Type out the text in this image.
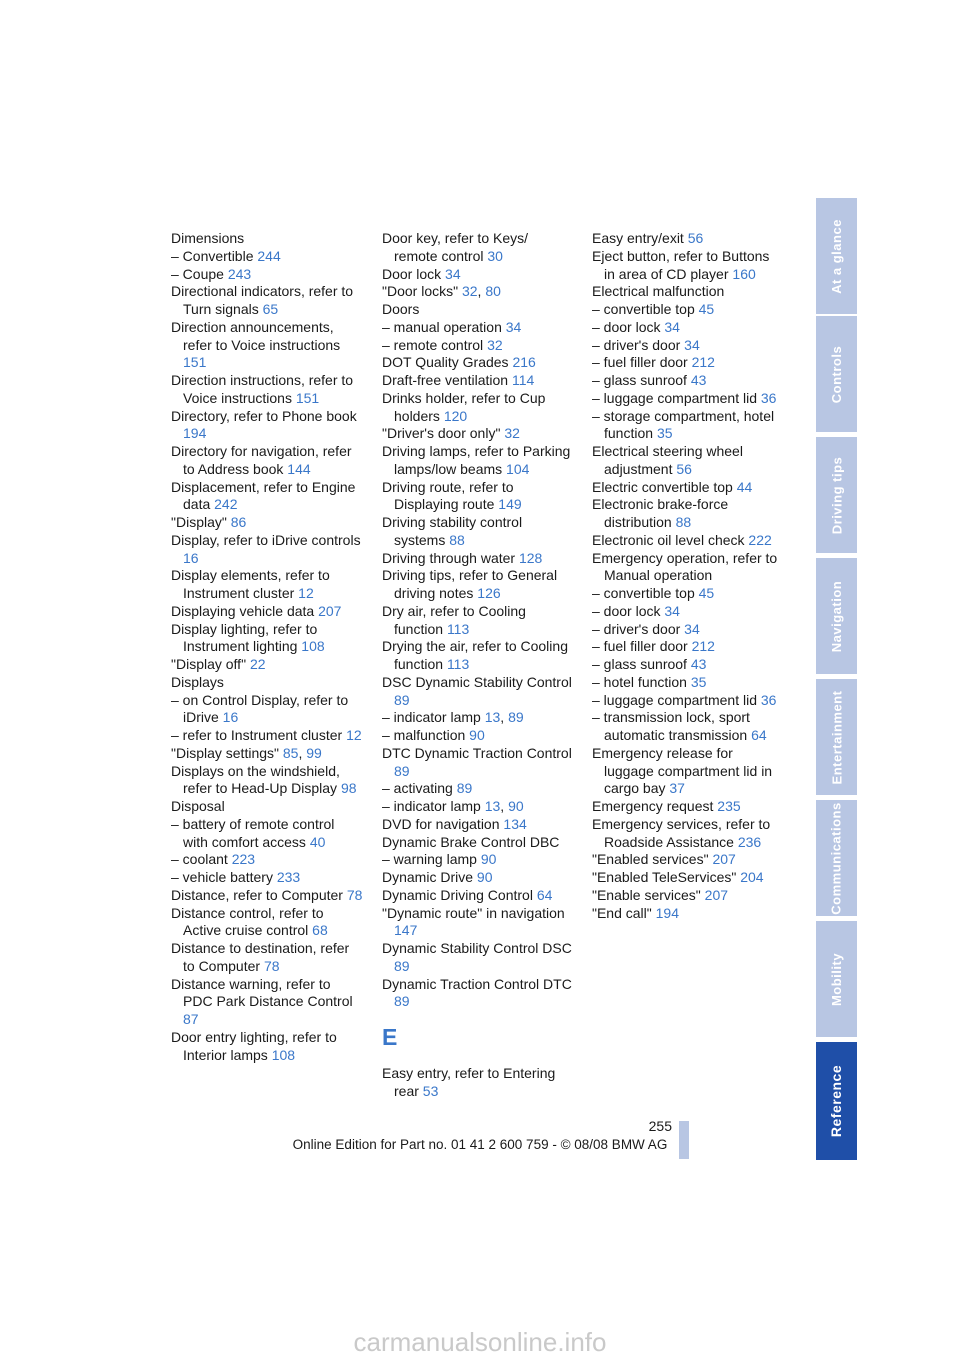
Dimensions
– Convertible 244
– Coupe 243
Directional indicators, refer to Turn signals 65
Direction announcements, refer to Voice instructions 151
Direction instructions, refer to Voice instructions 151
Directory, refer to Phone book 194
Directory for navigation, refer to Address book 144
Displacement, refer to Engine data 242
"Display" 86
Display, refer to iDrive controls 16
Display elements, refer to Instrument cluster 12
Displaying vehicle data 207
Display lighting, refer to Instrument lighting 108
"Display off" 22
Displays
– on Control Display, refer to iDrive 16
– refer to Instrument cluster 12
"Display settings" 85, 99
Displays on the windshield, refer to Head-Up Display 98
Disposal
– battery of remote control with comfort access 40
– coolant 223
– vehicle battery 233
Distance, refer to Computer 78
Distance control, refer to Active cruise control 68
Distance to destination, refer to Computer 78
Distance warning, refer to PDC Park Distance Control 87
Door entry lighting, refer to Interior lamps 108
Door key, refer to Keys/ remote control 30
Door lock 34
"Door locks" 32, 80
Doors
– manual operation 34
– remote control 32
DOT Quality Grades 216
Draft-free ventilation 114
Drinks holder, refer to Cup holders 120
"Driver's door only" 32
Driving lamps, refer to Parking lamps/low beams 104
Driving route, refer to Displaying route 149
Driving stability control systems 88
Driving through water 128
Driving tips, refer to General driving notes 126
Dry air, refer to Cooling function 113
Drying the air, refer to Cooling function 113
DSC Dynamic Stability Control 89
– indicator lamp 13, 89
– malfunction 90
DTC Dynamic Traction Control 89
– activating 89
– indicator lamp 13, 90
DVD for navigation 134
Dynamic Brake Control DBC
– warning lamp 90
Dynamic Drive 90
Dynamic Driving Control 64
"Dynamic route" in navigation 147
Dynamic Stability Control DSC 89
Dynamic Traction Control DTC 89
E
Easy entry, refer to Entering rear 53
Easy entry/exit 56
Eject button, refer to Buttons in area of CD player 160
Electrical malfunction
– convertible top 45
– door lock 34
– driver's door 34
– fuel filler door 212
– glass sunroof 43
– luggage compartment lid 36
– storage compartment, hotel function 35
Electrical steering wheel adjustment 56
Electric convertible top 44
Electronic brake-force distribution 88
Electronic oil level check 222
Emergency operation, refer to Manual operation
– convertible top 45
– door lock 34
– driver's door 34
– fuel filler door 212
– glass sunroof 43
– hotel function 35
– luggage compartment lid 36
– transmission lock, sport automatic transmission 64
Emergency release for luggage compartment lid in cargo bay 37
Emergency request 235
Emergency services, refer to Roadside Assistance 236
"Enabled services" 207
"Enabled TeleServices" 204
"Enable services" 207
"End call" 194
At a glance
Controls
Driving tips
Navigation
Entertainment
Communications
Mobility
Reference
255
Online Edition for Part no. 01 41 2 600 759 - © 08/08 BMW AG
carmanualsonline.info
